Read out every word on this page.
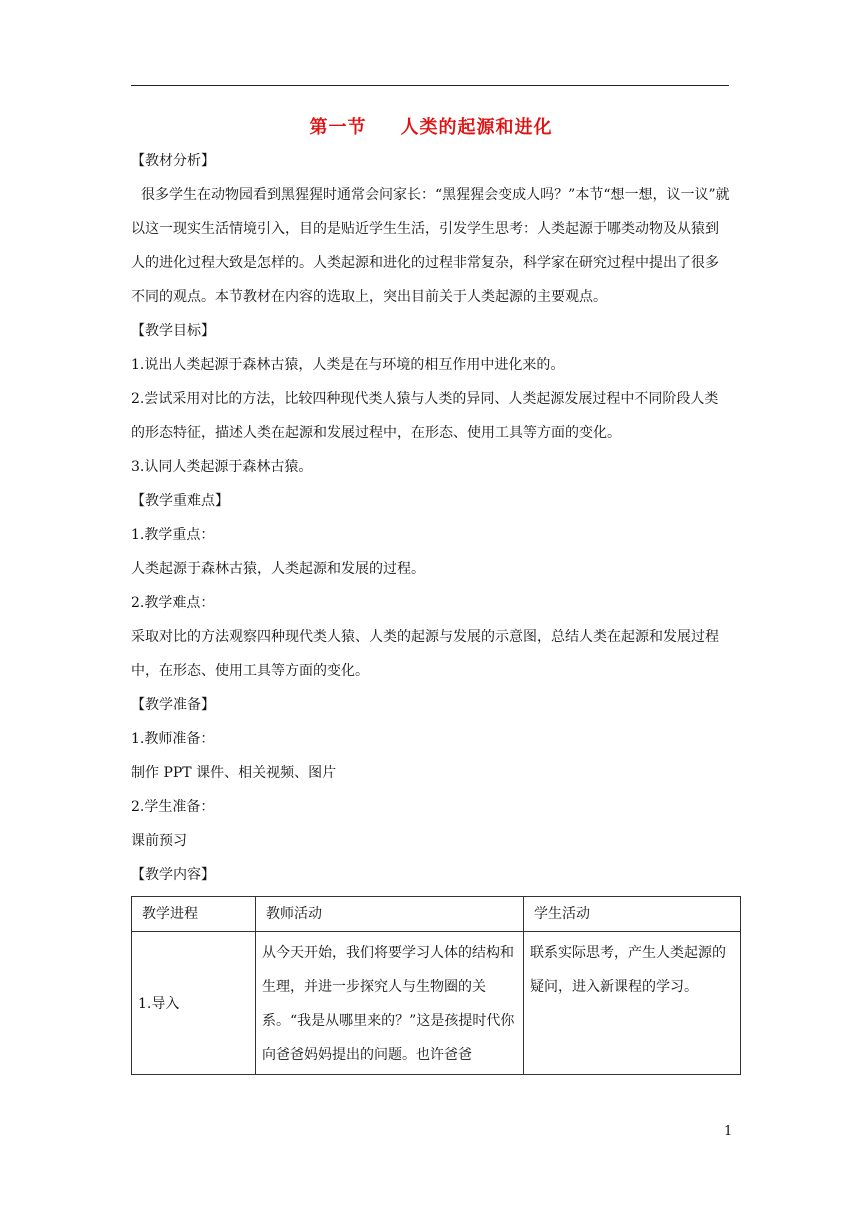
第一节 人类的起源和进化

【教材分析】

很多学生在动物园看到黑猩猩时通常会问家长：“黑猩猩会变成人吗？”本节“想一想，议一议”就以这一现实生活情境引入，目的是贴近学生生活，引发学生思考：人类起源于哪类动物及从猿到人的进化过程大致是怎样的。人类起源和进化的过程非常复杂，科学家在研究过程中提出了很多不同的观点。本节教材在内容的选取上，突出目前关于人类起源的主要观点。

【教学目标】

1.说出人类起源于森林古猿，人类是在与环境的相互作用中进化来的。

2.尝试采用对比的方法，比较四种现代类人猿与人类的异同、人类起源发展过程中不同阶段人类的形态特征，描述人类在起源和发展过程中，在形态、使用工具等方面的变化。

3.认同人类起源于森林古猿。

【教学重难点】

1.教学重点：

人类起源于森林古猿，人类起源和发展的过程。

2.教学难点：

采取对比的方法观察四种现代类人猿、人类的起源与发展的示意图，总结人类在起源和发展过程中，在形态、使用工具等方面的变化。

【教学准备】

1.教师准备：

制作 PPT 课件、相关视频、图片

2.学生准备：

课前预习

【教学内容】

教学进程	教师活动	学生活动
1.导入	从今天开始，我们将要学习人体的结构和生理，并进一步探究人与生物圈的关系。“我是从哪里来的？”这是孩提时代你向爸爸妈妈提出的问题。也许爸爸	联系实际思考，产生人类起源的疑问，进入新课程的学习。
1
